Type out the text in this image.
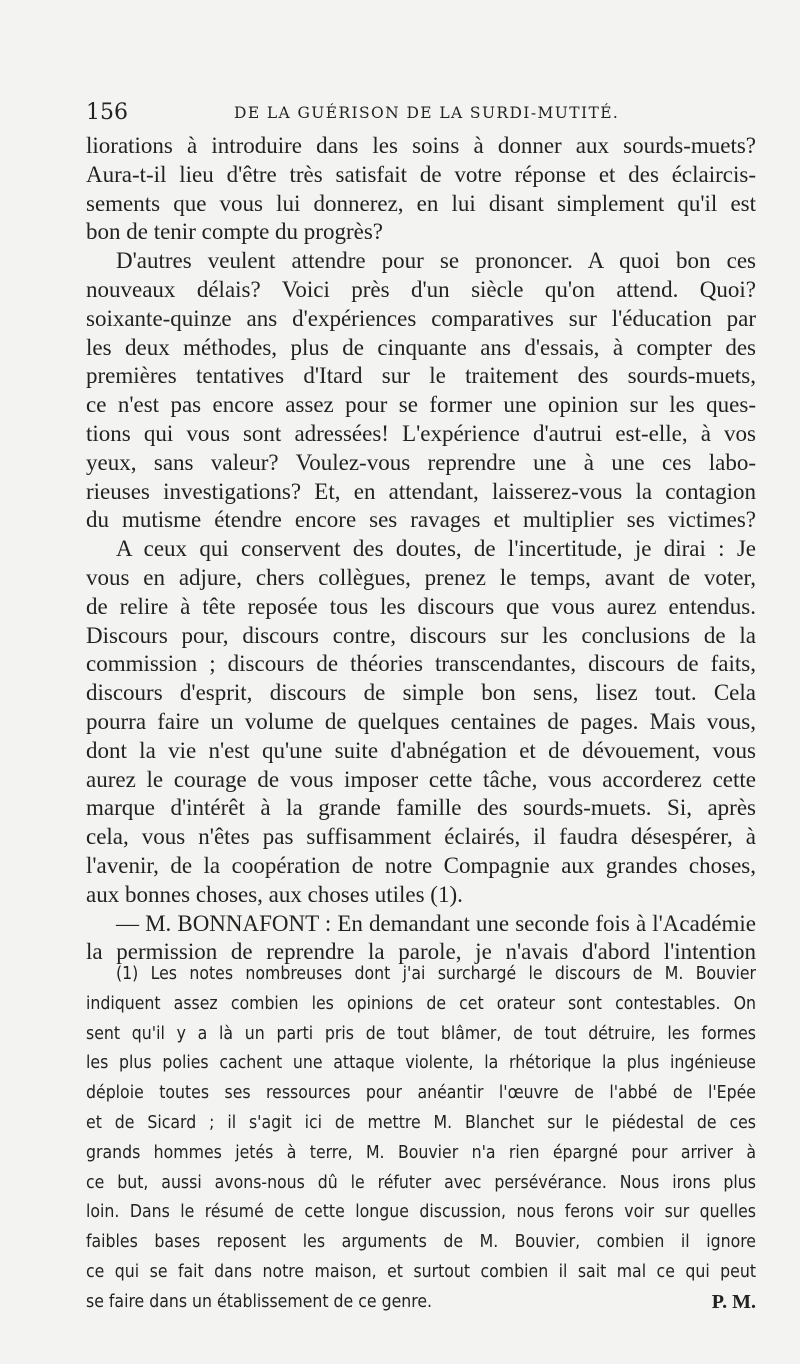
156	DE LA GUÉRISON DE LA SURDI-MUTITÉ.
liorations à introduire dans les soins à donner aux sourds-muets?
Aura-t-il lieu d'être très satisfait de votre réponse et des éclaircis-
sements que vous lui donnerez, en lui disant simplement qu'il est
bon de tenir compte du progrès?
D'autres veulent attendre pour se prononcer. A quoi bon ces
nouveaux délais? Voici près d'un siècle qu'on attend. Quoi?
soixante-quinze ans d'expériences comparatives sur l'éducation par
les deux méthodes, plus de cinquante ans d'essais, à compter des
premières tentatives d'Itard sur le traitement des sourds-muets,
ce n'est pas encore assez pour se former une opinion sur les ques-
tions qui vous sont adressées! L'expérience d'autrui est-elle, à vos
yeux, sans valeur? Voulez-vous reprendre une à une ces labo-
rieuses investigations? Et, en attendant, laisserez-vous la contagion
du mutisme étendre encore ses ravages et multiplier ses victimes?
A ceux qui conservent des doutes, de l'incertitude, je dirai : Je
vous en adjure, chers collègues, prenez le temps, avant de voter,
de relire à tête reposée tous les discours que vous aurez entendus.
Discours pour, discours contre, discours sur les conclusions de la
commission ; discours de théories transcendantes, discours de faits,
discours d'esprit, discours de simple bon sens, lisez tout. Cela
pourra faire un volume de quelques centaines de pages. Mais vous,
dont la vie n'est qu'une suite d'abnégation et de dévouement, vous
aurez le courage de vous imposer cette tâche, vous accorderez cette
marque d'intérêt à la grande famille des sourds-muets. Si, après
cela, vous n'êtes pas suffisamment éclairés, il faudra désespérer, à
l'avenir, de la coopération de notre Compagnie aux grandes choses,
aux bonnes choses, aux choses utiles (1).
— M. BONNAFONT : En demandant une seconde fois à l'Académie
la permission de reprendre la parole, je n'avais d'abord l'intention
(1) Les notes nombreuses dont j'ai surchargé le discours de M. Bouvier
indiquent assez combien les opinions de cet orateur sont contestables. On
sent qu'il y a là un parti pris de tout blâmer, de tout détruire, les formes
les plus polies cachent une attaque violente, la rhétorique la plus ingénieuse
déploie toutes ses ressources pour anéantir l'œuvre de l'abbé de l'Epée
et de Sicard ; il s'agit ici de mettre M. Blanchet sur le piédestal de ces
grands hommes jetés à terre, M. Bouvier n'a rien épargné pour arriver à
ce but, aussi avons-nous dû le réfuter avec persévérance. Nous irons plus
loin. Dans le résumé de cette longue discussion, nous ferons voir sur quelles
faibles bases reposent les arguments de M. Bouvier, combien il ignore
ce qui se fait dans notre maison, et surtout combien il sait mal ce qui peut
se faire dans un établissement de ce genre.	P. M.
